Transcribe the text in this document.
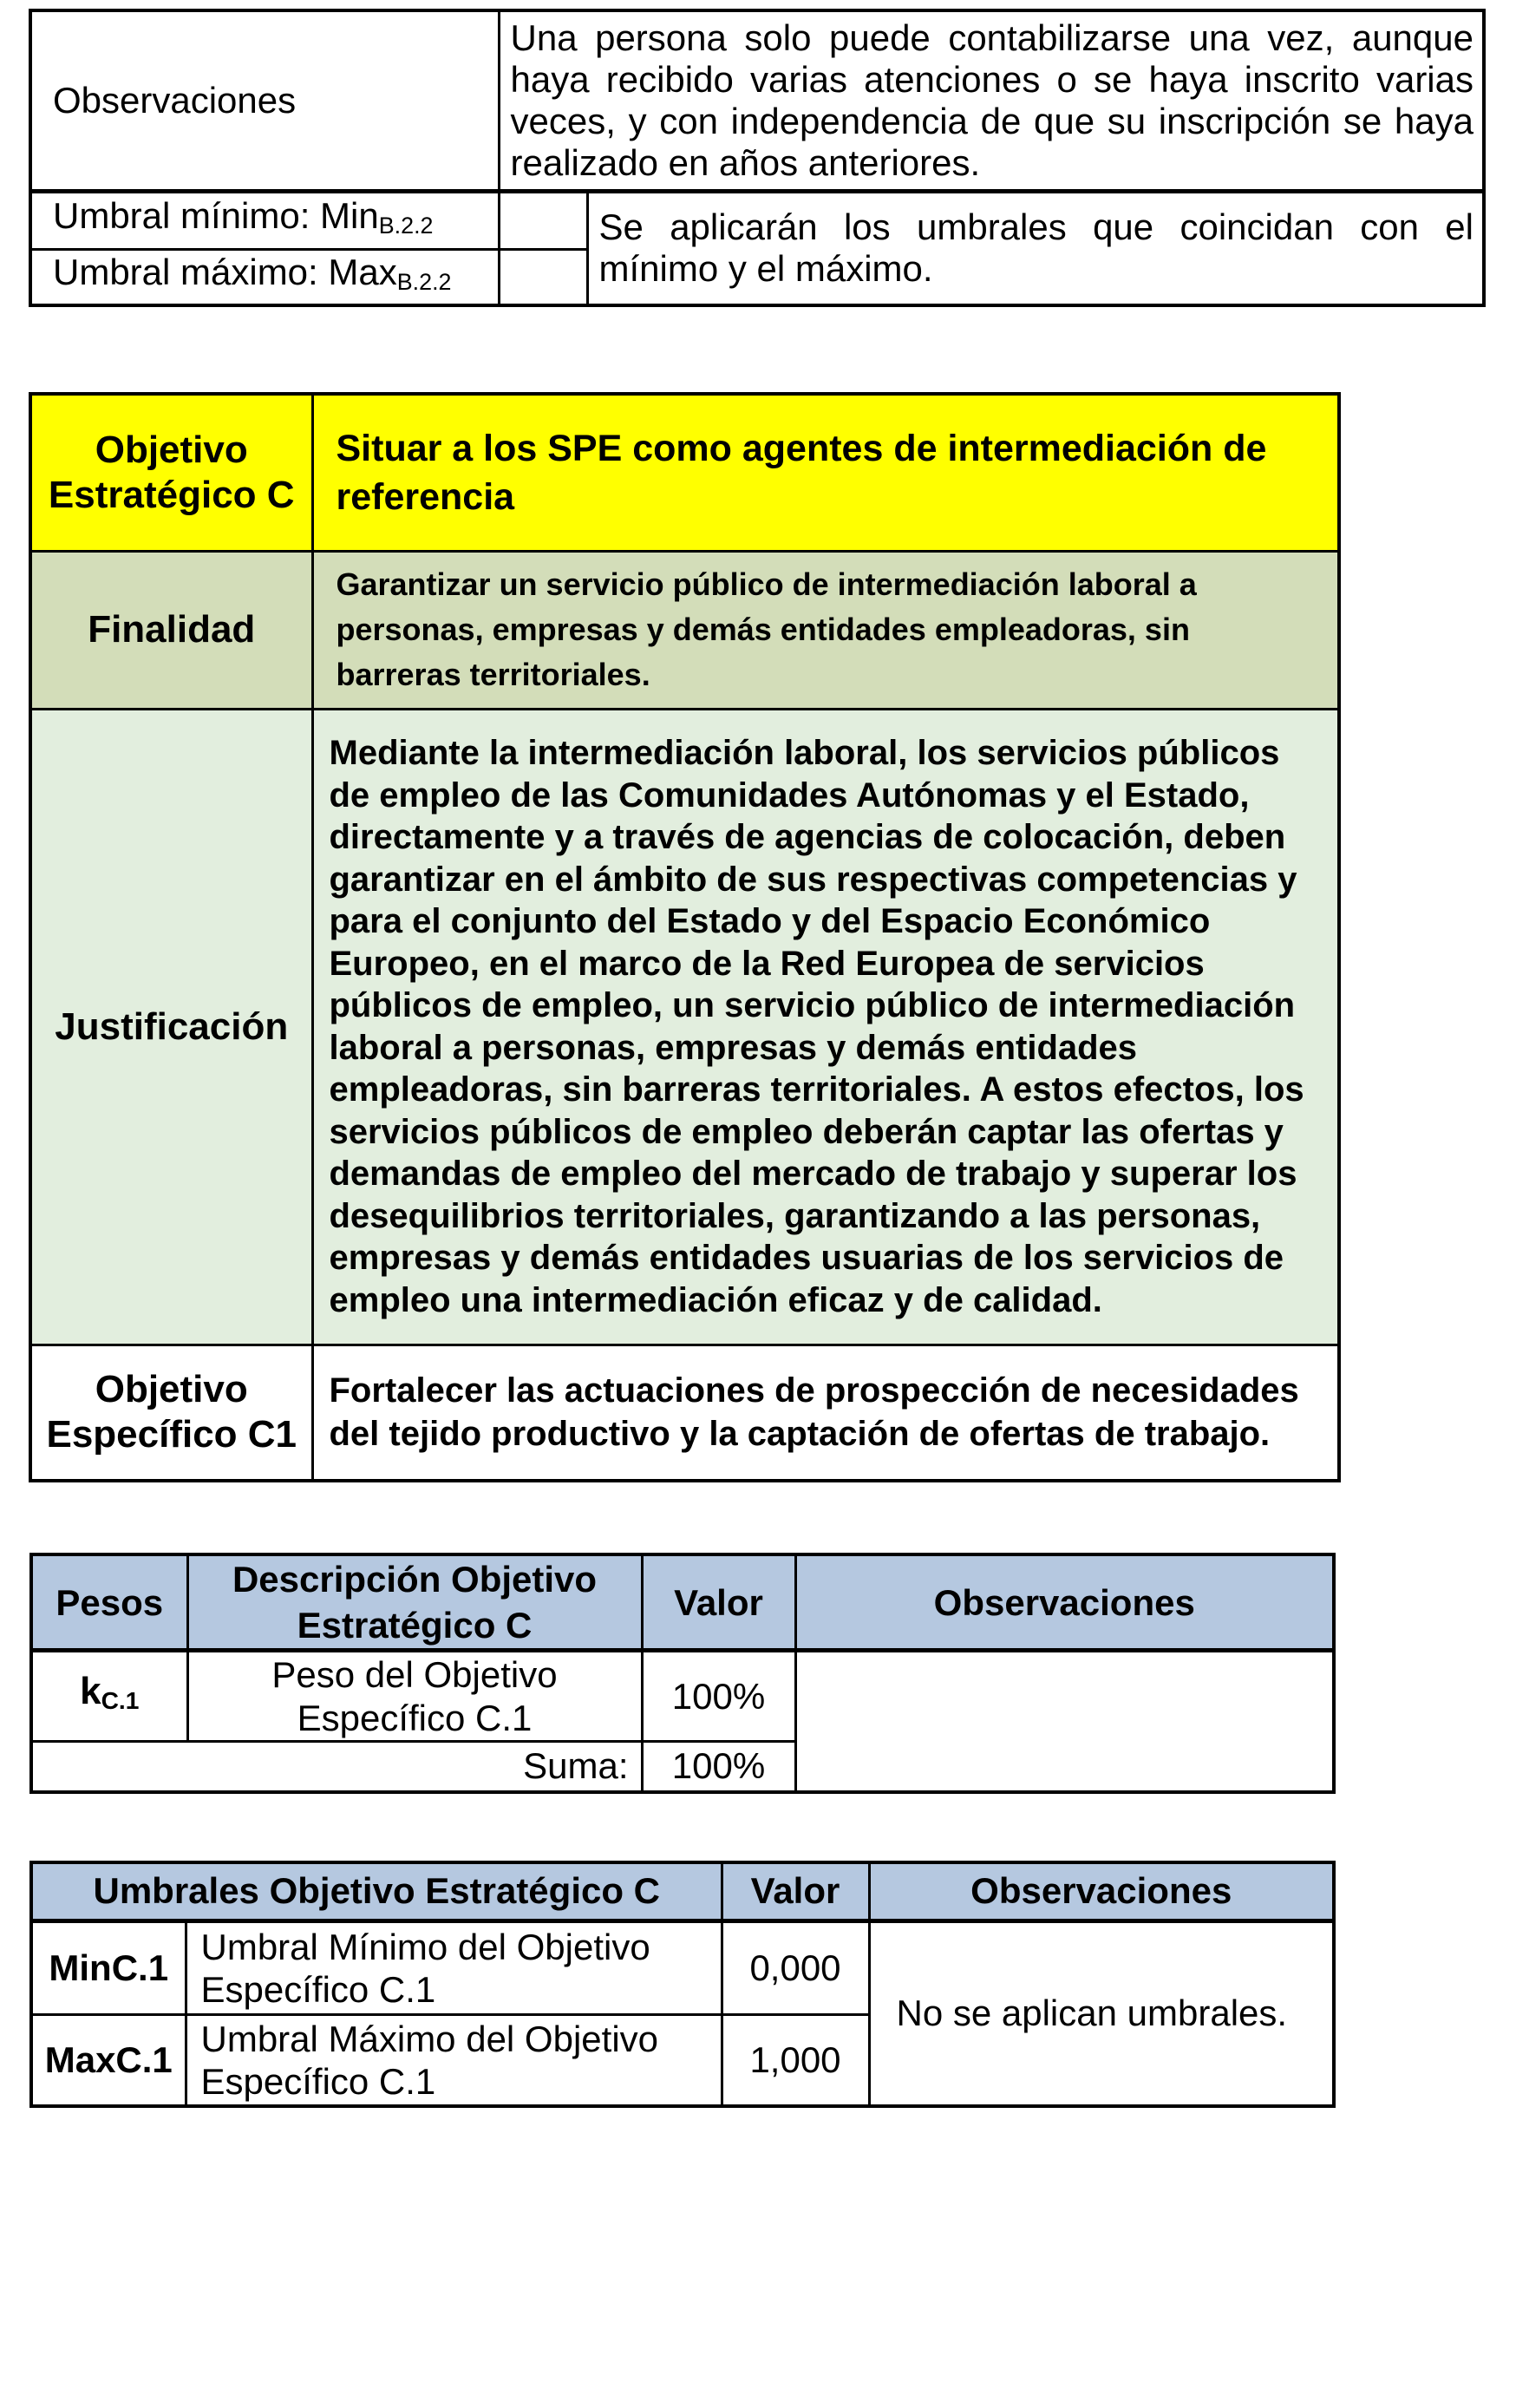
Observaciones	Una persona solo puede contabilizarse una vez, aunque haya recibido varias atenciones o se haya inscrito varias veces, y con independencia de que su inscripción se haya realizado en años anteriores.	
Umbral mínimo: MinB.2.2		Se aplicarán los umbrales que coincidan con el mínimo y el máximo.
Umbral máximo: MaxB.2.2		
Objetivo Estratégico C	Situar a los SPE como agentes de intermediación de referencia
Finalidad	Garantizar un servicio público de intermediación laboral a personas, empresas y demás entidades empleadoras, sin barreras territoriales.
Justificación	Mediante la intermediación laboral, los servicios públicos de empleo de las Comunidades Autónomas y el Estado, directamente y a través de agencias de colocación, deben garantizar en el ámbito de sus respectivas competencias y para el conjunto del Estado y del Espacio Económico Europeo, en el marco de la Red Europea de servicios públicos de empleo, un servicio público de intermediación laboral a personas, empresas y demás entidades empleadoras, sin barreras territoriales. A estos efectos, los servicios públicos de empleo deberán captar las ofertas y demandas de empleo del mercado de trabajo y superar los desequilibrios territoriales, garantizando a las personas, empresas y demás entidades usuarias de los servicios de empleo una intermediación eficaz y de calidad.
Objetivo Específico C1	Fortalecer las actuaciones de prospección de necesidades del tejido productivo y la captación de ofertas de trabajo.
Pesos	Descripción Objetivo Estratégico C	Valor	Observaciones
kC.1	Peso del Objetivo Específico C.1	100%	
Suma:		100%	
Umbrales Objetivo Estratégico C		Valor	Observaciones
MinC.1	Umbral Mínimo del Objetivo Específico C.1	0,000	No se aplican umbrales.
MaxC.1	Umbral Máximo del Objetivo Específico C.1	1,000	
